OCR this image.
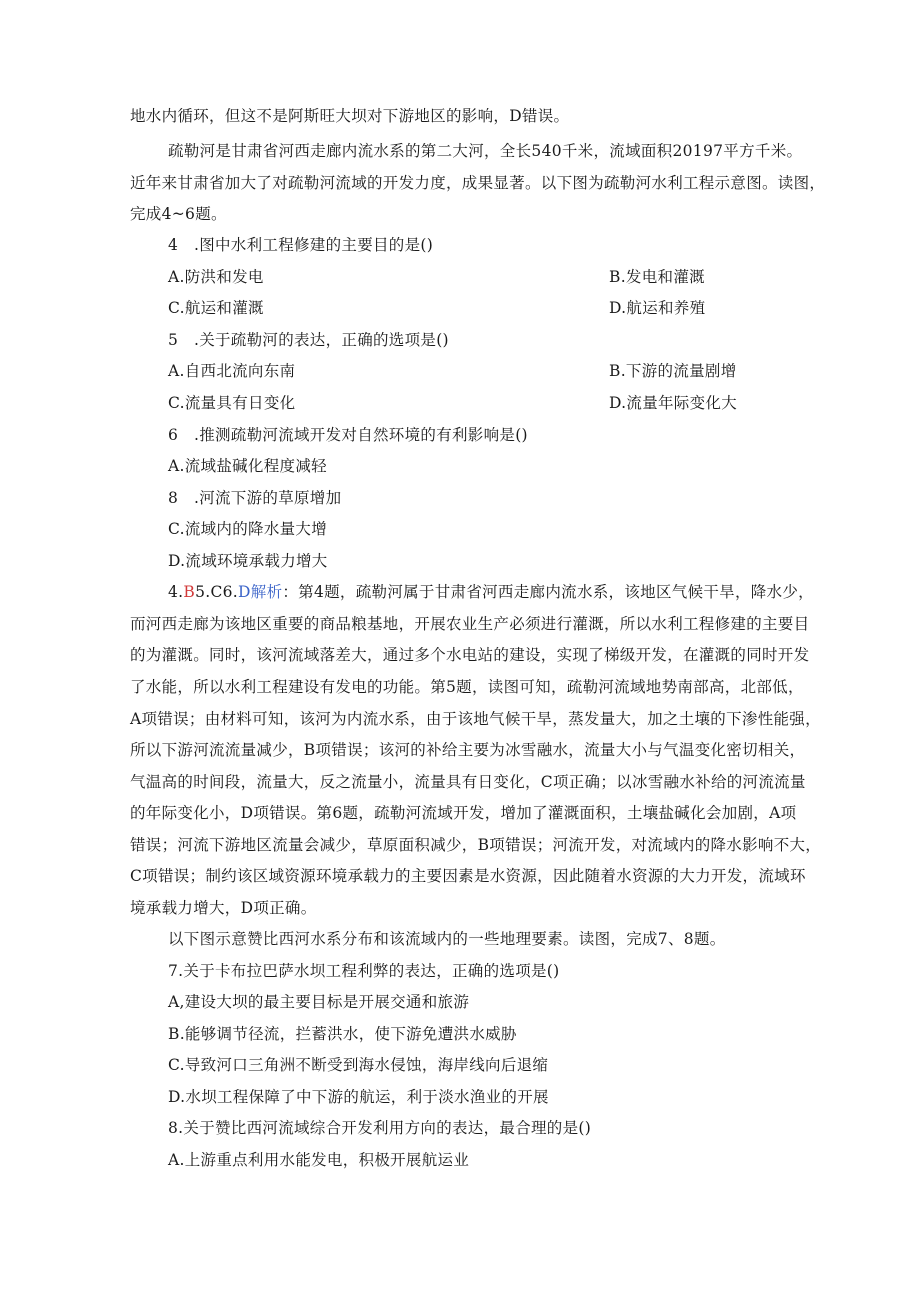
地水内循环，但这不是阿斯旺大坝对下游地区的影响，D错误。
疏勒河是甘肃省河西走廊内流水系的第二大河，全长540千米，流域面积20197平方千米。
近年来甘肃省加大了对疏勒河流域的开发力度，成果显著。以下图为疏勒河水利工程示意图。读图，
完成4~6题。
4　.图中水利工程修建的主要目的是()
A.防洪和发电	B.发电和灌溉
C.航运和灌溉	D.航运和养殖
5　.关于疏勒河的表达，正确的选项是()
A.自西北流向东南	B.下游的流量剧增
C.流量具有日变化	D.流量年际变化大
6　.推测疏勒河流域开发对自然环境的有利影响是()
A.流域盐碱化程度减轻
8　.河流下游的草原增加
C.流域内的降水量大增
D.流域环境承载力增大
4.B5.C6.D解析：第4题，疏勒河属于甘肃省河西走廊内流水系，该地区气候干旱，降水少，
而河西走廊为该地区重要的商品粮基地，开展农业生产必须进行灌溉，所以水利工程修建的主要目
的为灌溉。同时，该河流域落差大，通过多个水电站的建设，实现了梯级开发，在灌溉的同时开发
了水能，所以水利工程建设有发电的功能。第5题，读图可知，疏勒河流域地势南部高，北部低，
A项错误；由材料可知，该河为内流水系，由于该地气候干旱，蒸发量大，加之土壤的下渗性能强，
所以下游河流流量减少，B项错误；该河的补给主要为冰雪融水，流量大小与气温变化密切相关，
气温高的时间段，流量大，反之流量小，流量具有日变化，C项正确；以冰雪融水补给的河流流量
的年际变化小，D项错误。第6题，疏勒河流域开发，增加了灌溉面积，土壤盐碱化会加剧，A项
错误；河流下游地区流量会减少，草原面积减少，B项错误；河流开发，对流域内的降水影响不大，
C项错误；制约该区域资源环境承载力的主要因素是水资源，因此随着水资源的大力开发，流域环
境承载力增大，D项正确。
以下图示意赞比西河水系分布和该流域内的一些地理要素。读图，完成7、8题。
7.关于卡布拉巴萨水坝工程利弊的表达，正确的选项是()
A,建设大坝的最主要目标是开展交通和旅游
B.能够调节径流，拦蓄洪水，使下游免遭洪水威胁
C.导致河口三角洲不断受到海水侵蚀，海岸线向后退缩
D.水坝工程保障了中下游的航运，利于淡水渔业的开展
8.关于赞比西河流域综合开发利用方向的表达，最合理的是()
A.上游重点利用水能发电，积极开展航运业
